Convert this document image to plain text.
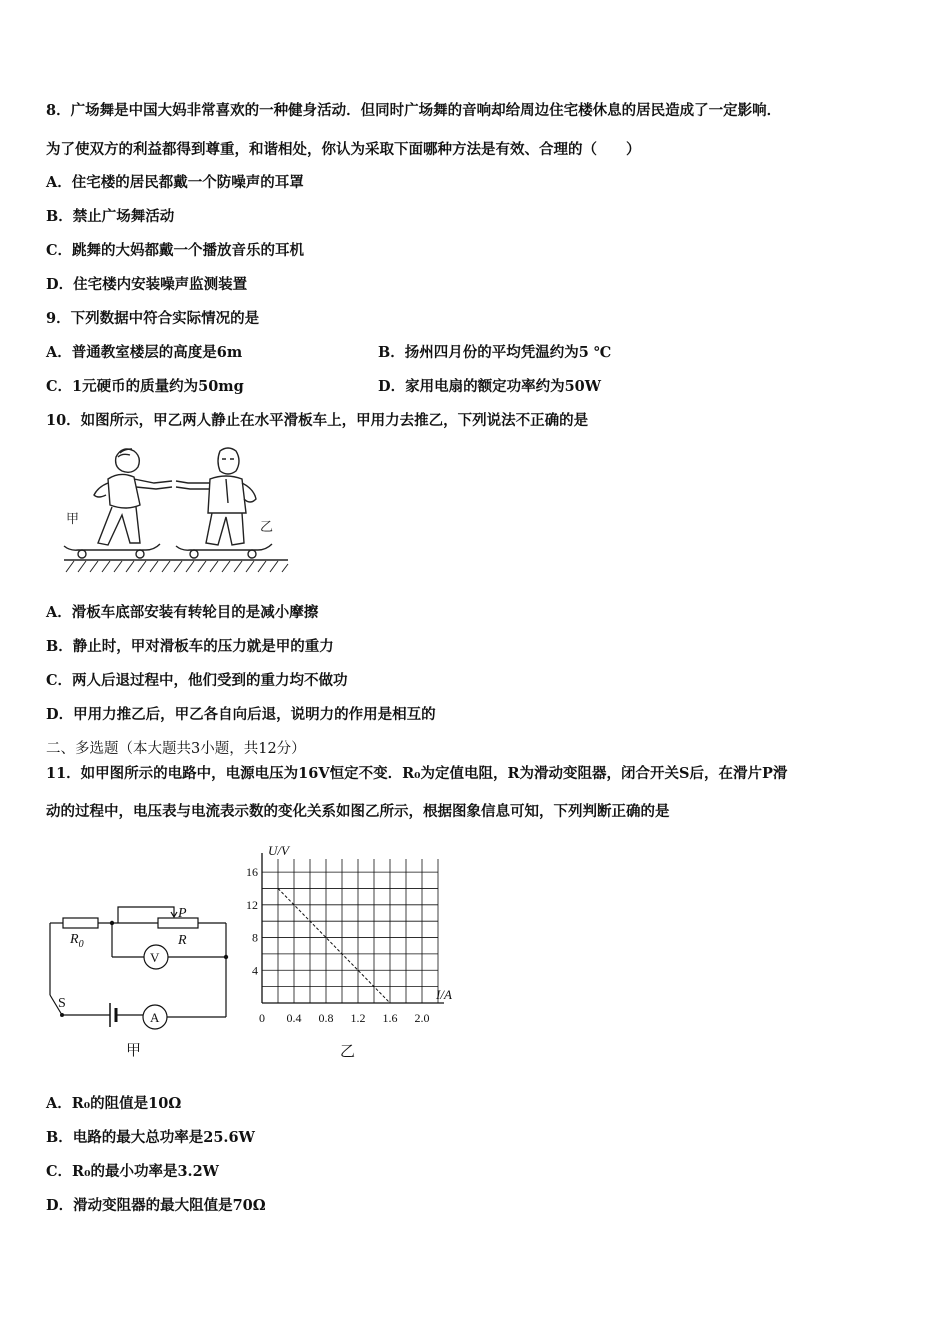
8．广场舞是中国大妈非常喜欢的一种健身活动．但同时广场舞的音响却给周边住宅楼休息的居民造成了一定影响．
为了使双方的利益都得到尊重，和谐相处，你认为采取下面哪种方法是有效、合理的（　　）
A．住宅楼的居民都戴一个防噪声的耳罩
B．禁止广场舞活动
C．跳舞的大妈都戴一个播放音乐的耳机
D．住宅楼内安装噪声监测装置
9．下列数据中符合实际情况的是
A．普通教室楼层的高度是6m	B．扬州四月份的平均凭温约为5 ℃
C．1元硬币的质量约为50mg	D．家用电扇的额定功率约为50W
10．如图所示，甲乙两人静止在水平滑板车上，甲用力去推乙，下列说法不正确的是
甲
乙
A．滑板车底部安装有转轮目的是减小摩擦
B．静止时，甲对滑板车的压力就是甲的重力
C．两人后退过程中，他们受到的重力均不做功
D．甲用力推乙后，甲乙各自向后退，说明力的作用是相互的
二、多选题（本大题共3小题，共12分）
11．如甲图所示的电路中，电源电压为16V恒定不变．R₀为定值电阻，R为滑动变阻器，闭合开关S后，在滑片P滑
动的过程中，电压表与电流表示数的变化关系如图乙所示，根据图象信息可知，下列判断正确的是
$R_0$	R
P
S
V
A
甲
0 0.4 0.8 1.2 1.6 2.0
4
8
12
16
U/V
I/A
乙
A．R₀的阻值是10Ω
B．电路的最大总功率是25.6W
C．R₀的最小功率是3.2W
D．滑动变阻器的最大阻值是70Ω
